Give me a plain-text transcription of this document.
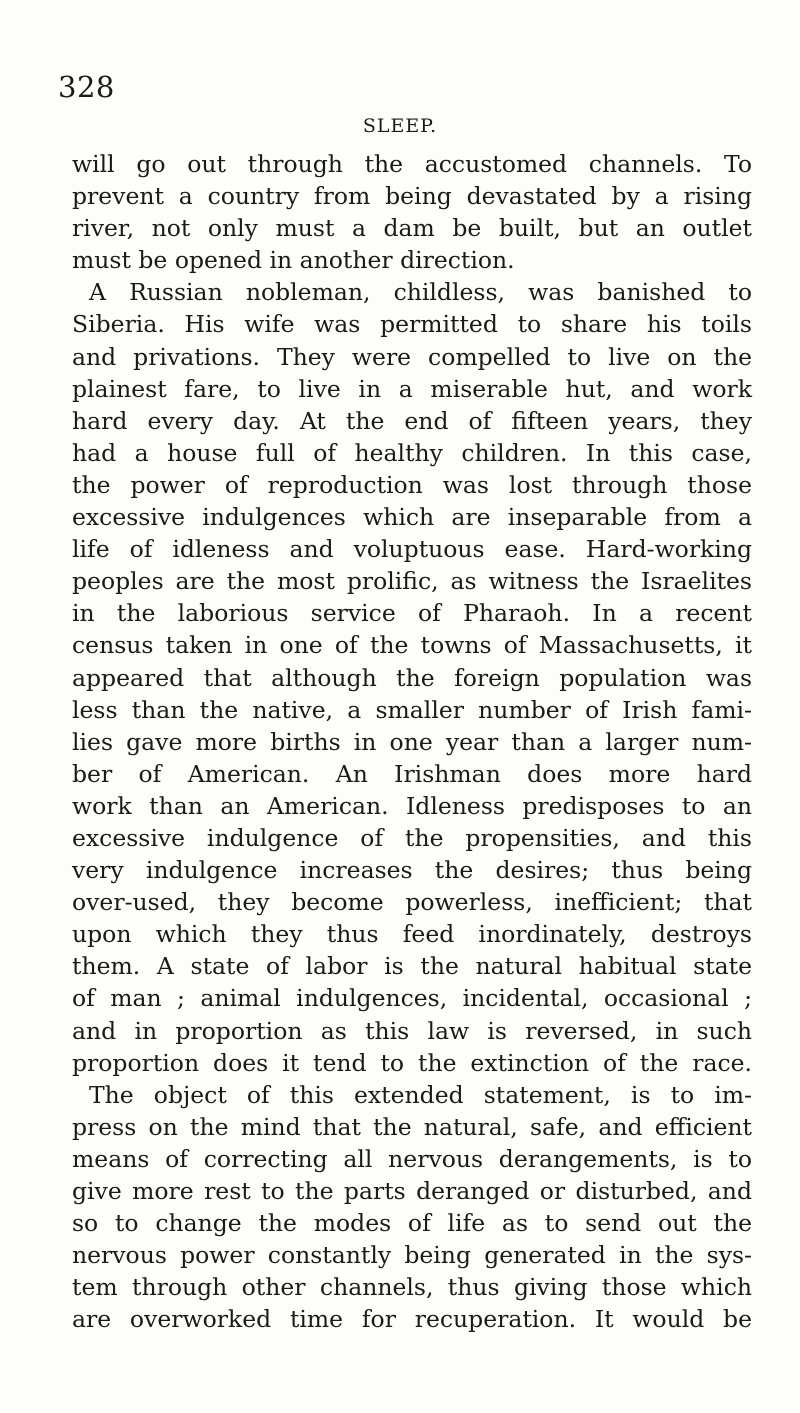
328
SLEEP.
will go out through the accustomed channels. To
prevent a country from being devastated by a rising
river, not only must a dam be built, but an outlet
must be opened in another direction.
A Russian nobleman, childless, was banished to
Siberia. His wife was permitted to share his toils
and privations. They were compelled to live on the
plainest fare, to live in a miserable hut, and work
hard every day. At the end of fifteen years, they
had a house full of healthy children. In this case,
the power of reproduction was lost through those
excessive indulgences which are inseparable from a
life of idleness and voluptuous ease. Hard-working
peoples are the most prolific, as witness the Israelites
in the laborious service of Pharaoh. In a recent
census taken in one of the towns of Massachusetts, it
appeared that although the foreign population was
less than the native, a smaller number of Irish fami-
lies gave more births in one year than a larger num-
ber of American. An Irishman does more hard
work than an American. Idleness predisposes to an
excessive indulgence of the propensities, and this
very indulgence increases the desires; thus being
over-used, they become powerless, inefficient; that
upon which they thus feed inordinately, destroys
them. A state of labor is the natural habitual state
of man ; animal indulgences, incidental, occasional ;
and in proportion as this law is reversed, in such
proportion does it tend to the extinction of the race.
The object of this extended statement, is to im-
press on the mind that the natural, safe, and efficient
means of correcting all nervous derangements, is to
give more rest to the parts deranged or disturbed, and
so to change the modes of life as to send out the
nervous power constantly being generated in the sys-
tem through other channels, thus giving those which
are overworked time for recuperation. It would be
